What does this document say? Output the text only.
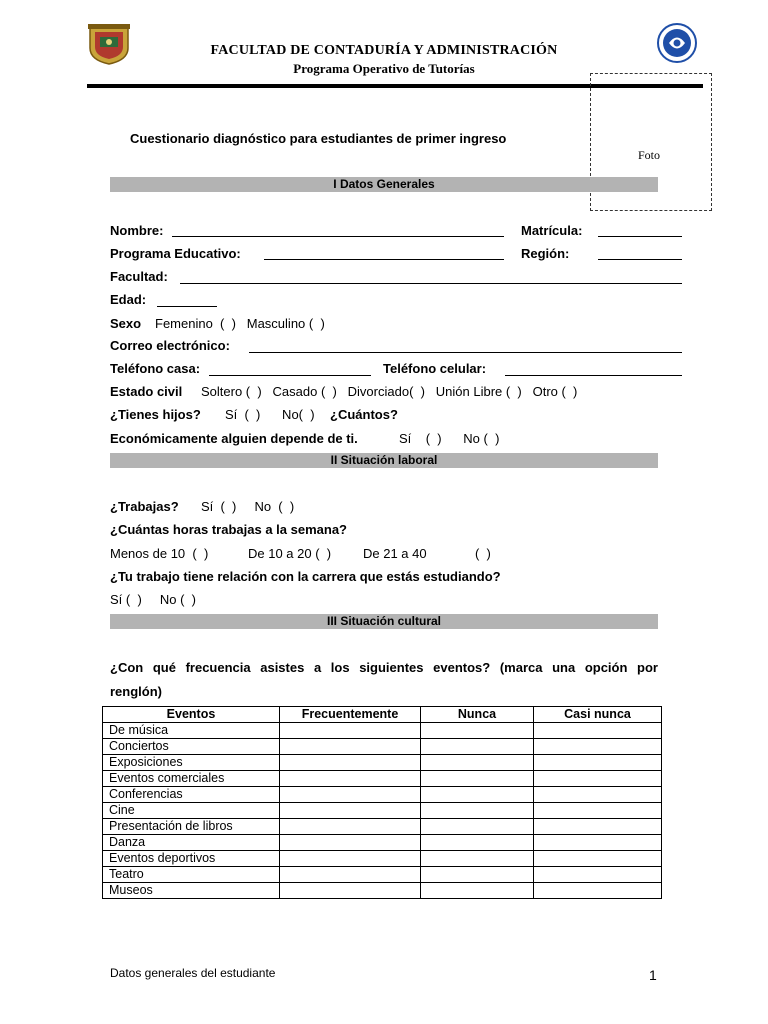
FACULTAD DE CONTADURÍA Y ADMINISTRACIÓN
Programa Operativo de Tutorías
Foto
Cuestionario diagnóstico para estudiantes de primer ingreso
I Datos Generales
Nombre:	Matrícula:
Programa Educativo:	Región:
Facultad:
Edad:
Sexo Femenino  (  )   Masculino (  )
Correo electrónico:
Teléfono casa:	Teléfono celular:
Estado civil Soltero (  )   Casado (  )   Divorciado(  )   Unión Libre (  )   Otro (  )
¿Tienes hijos? Sí  (  )      No(  ) ¿Cuántos?
Económicamente alguien depende de ti.	Sí    (  )      No (  )
II Situación laboral
¿Trabajas? Sí  (  )     No  (  )
¿Cuántas horas trabajas a la semana?
Menos de 10  (  )	De 10 a 20 (  ) De 21 a 40	(  )
¿Tu trabajo tiene relación con la carrera que estás estudiando?
Sí (  )     No (  )
III Situación cultural
¿Con qué frecuencia asistes a los siguientes eventos? (marca una opción por
renglón)
Eventos	Frecuentemente	Nunca	Casi nunca
De música			
Conciertos			
Exposiciones			
Eventos comerciales			
Conferencias			
Cine			
Presentación de libros			
Danza			
Eventos deportivos			
Teatro			
Museos			
Datos generales del estudiante	1
